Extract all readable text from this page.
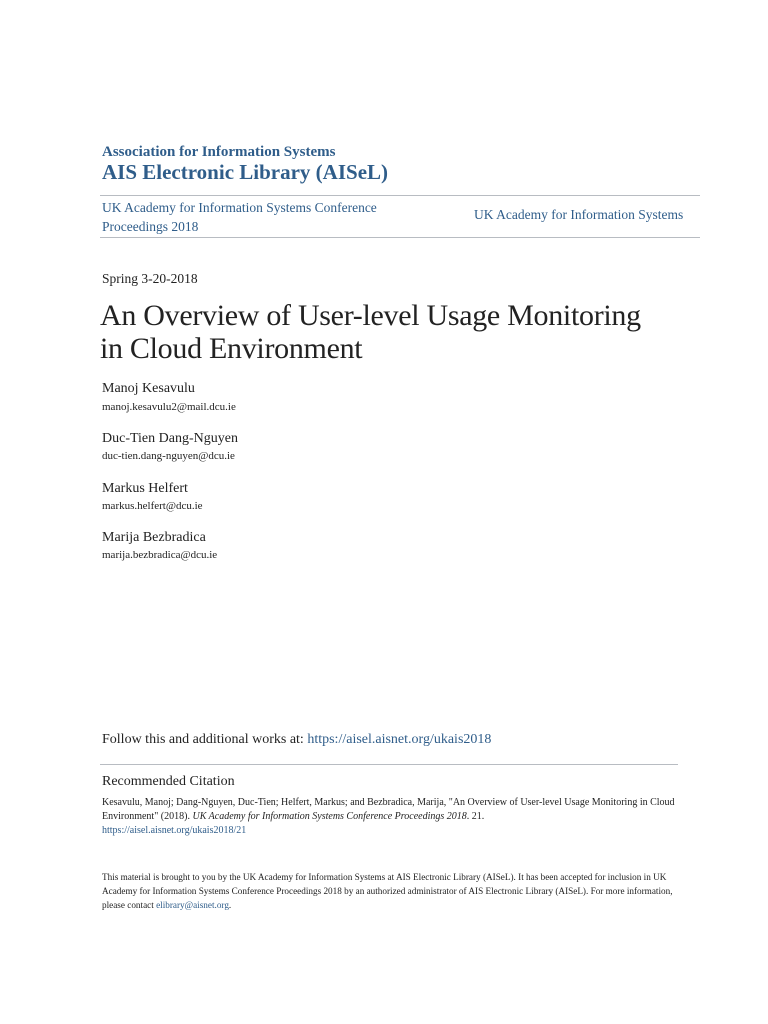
Association for Information Systems
AIS Electronic Library (AISeL)
UK Academy for Information Systems Conference Proceedings 2018
UK Academy for Information Systems
Spring 3-20-2018
An Overview of User-level Usage Monitoring in Cloud Environment
Manoj Kesavulu
manoj.kesavulu2@mail.dcu.ie
Duc-Tien Dang-Nguyen
duc-tien.dang-nguyen@dcu.ie
Markus Helfert
markus.helfert@dcu.ie
Marija Bezbradica
marija.bezbradica@dcu.ie
Follow this and additional works at: https://aisel.aisnet.org/ukais2018
Recommended Citation
Kesavulu, Manoj; Dang-Nguyen, Duc-Tien; Helfert, Markus; and Bezbradica, Marija, "An Overview of User-level Usage Monitoring in Cloud Environment" (2018). UK Academy for Information Systems Conference Proceedings 2018. 21.
https://aisel.aisnet.org/ukais2018/21
This material is brought to you by the UK Academy for Information Systems at AIS Electronic Library (AISeL). It has been accepted for inclusion in UK Academy for Information Systems Conference Proceedings 2018 by an authorized administrator of AIS Electronic Library (AISeL). For more information, please contact elibrary@aisnet.org.
